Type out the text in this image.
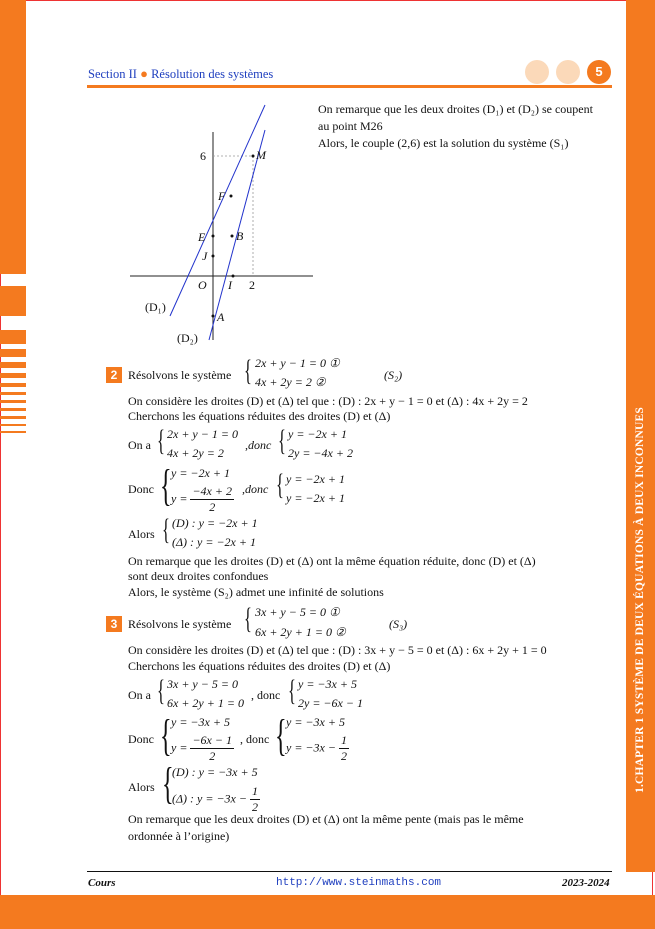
1.CHAPTER 1 SYSTÈME DE DEUX ÉQUATIONS À DEUX INCONNUES
Section II ● Résolution des systèmes	5
6	M
F
E	B
J
O I 2
A
(D₁)
(D₂)
On remarque que les deux droites (D₁) et (D₂) se coupent
au point M26
Alors, le couple (2,6) est la solution du système (S₁)
2 Résolvons le système { 2x + y − 1 = 0 ①
4x + 2y = 2 ②	(S₂)
On considère les droites (D) et (Δ) tel que : (D) : 2x + y − 1 = 0 et (Δ) : 4x + 2y = 2
Cherchons les équations réduites des droites (D) et (Δ)
On a { 2x + y − 1 = 0
4x + 2y = 2
,donc { y = −2x + 1
2y = −4x + 2
Donc { y = −2x + 1
$y = \frac{-4x + 2}{2}$ ,donc { y = −2x + 1
y = −2x + 1
Alors { (D) : y = −2x + 1
(Δ) : y = −2x + 1
On remarque que les droites (D) et (Δ) ont la même équation réduite, donc (D) et (Δ)
sont deux droites confondues
Alors, le système (S₂) admet une infinité de solutions
3 Résolvons le système { 3x + y − 5 = 0 ①
6x + 2y + 1 = 0 ②
(S₃)
On considère les droites (D) et (Δ) tel que : (D) : 3x + y − 5 = 0 et (Δ) : 6x + 2y + 1 = 0
Cherchons les équations réduites des droites (D) et (Δ)
On a { 3x + y − 5 = 0
6x + 2y + 1 = 0
, donc { y = −3x + 5
2y = −6x − 1
Donc { y = −3x + 5
$y = \frac{-6x - 1}{2}$ , donc { y = −3x + 5
$y = -3x - \frac{1}{2}$
Alors {
(D) : y = −3x + 5
(Δ) : $y = -3x - \frac{1}{2}$
On remarque que les deux droites (D) et (Δ) ont la même pente (mais pas le même
ordonnée à l’origine)
Cours	http://www.steinmaths.com	2023-2024
